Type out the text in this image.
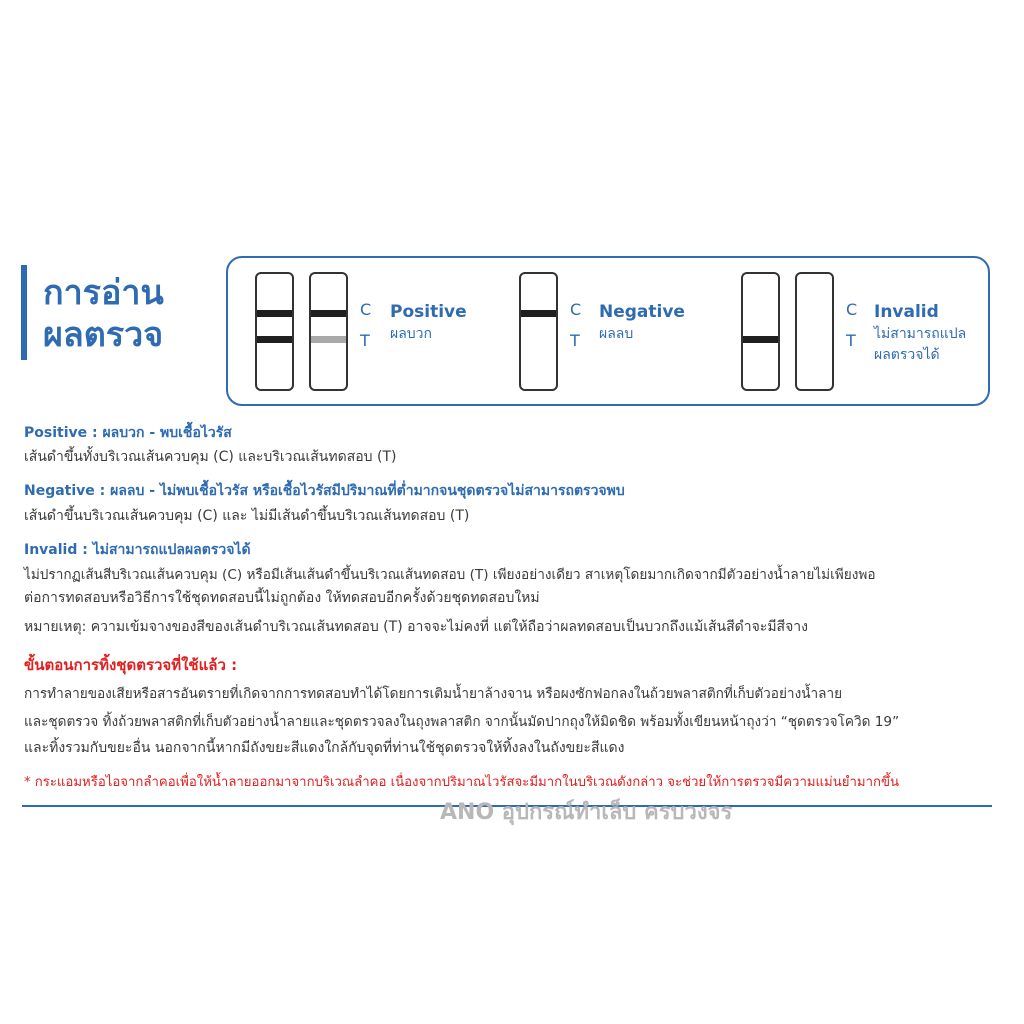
การอ่าน
ผลตรวจ
C
T
Positive
ผลบวก
C
T
Negative
ผลลบ
C
T
Invalid
ไม่สามารถแปล
ผลตรวจได้
Positive : ผลบวก - พบเชื้อไวรัส
เส้นดำขึ้นทั้งบริเวณเส้นควบคุม (C) และบริเวณเส้นทดสอบ (T)
Negative : ผลลบ - ไม่พบเชื้อไวรัส หรือเชื้อไวรัสมีปริมาณที่ต่ำมากจนชุดตรวจไม่สามารถตรวจพบ
เส้นดำขึ้นบริเวณเส้นควบคุม (C) และ ไม่มีเส้นดำขึ้นบริเวณเส้นทดสอบ (T)
Invalid : ไม่สามารถแปลผลตรวจได้
ไม่ปรากฏเส้นสีบริเวณเส้นควบคุม (C) หรือมีเส้นเส้นดำขึ้นบริเวณเส้นทดสอบ (T) เพียงอย่างเดียว สาเหตุโดยมากเกิดจากมีตัวอย่างน้ำลายไม่เพียงพอ
ต่อการทดสอบหรือวิธีการใช้ชุดทดสอบนี้ไม่ถูกต้อง ให้ทดสอบอีกครั้งด้วยชุดทดสอบใหม่
หมายเหตุ: ความเข้มจางของสีของเส้นดำบริเวณเส้นทดสอบ (T) อาจจะไม่คงที่ แต่ให้ถือว่าผลทดสอบเป็นบวกถึงแม้เส้นสีดำจะมีสีจาง
ขั้นตอนการทิ้งชุดตรวจที่ใช้แล้ว :
การทำลายของเสียหรือสารอันตรายที่เกิดจากการทดสอบทำได้โดยการเติมน้ำยาล้างจาน หรือผงซักฟอกลงในถ้วยพลาสติกที่เก็บตัวอย่างน้ำลาย
และชุดตรวจ ทิ้งถ้วยพลาสติกที่เก็บตัวอย่างน้ำลายและชุดตรวจลงในถุงพลาสติก จากนั้นมัดปากถุงให้มิดชิด พร้อมทั้งเขียนหน้าถุงว่า “ชุดตรวจโควิด 19”
และทิ้งรวมกับขยะอื่น นอกจากนี้หากมีถังขยะสีแดงใกล้กับจุดที่ท่านใช้ชุดตรวจให้ทิ้งลงในถังขยะสีแดง
* กระแอมหรือไอจากลำคอเพื่อให้น้ำลายออกมาจากบริเวณลำคอ เนื่องจากปริมาณไวรัสจะมีมากในบริเวณดังกล่าว จะช่วยให้การตรวจมีความแม่นยำมากขึ้น
ANO อุปกรณ์ทำเล็บ ครบวงจร
